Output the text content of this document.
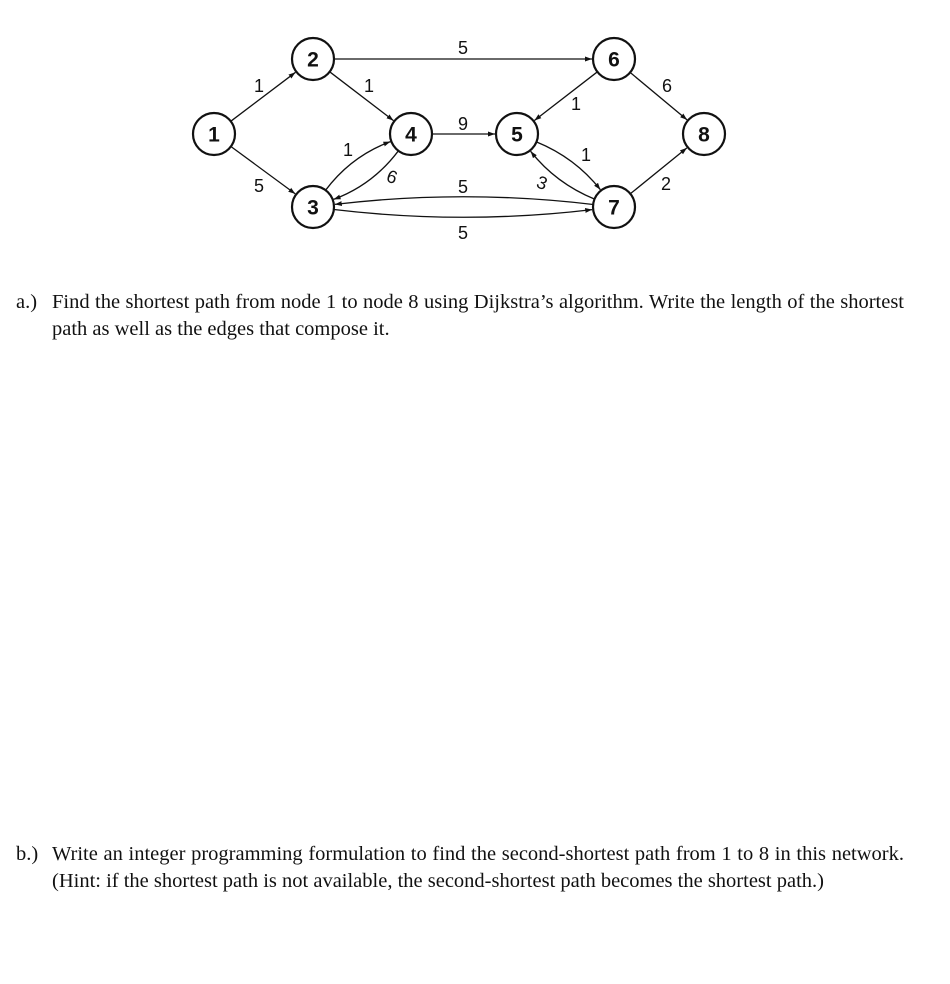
1
5
5
1
1
6
9
1
6
1
3
5
5
2
1
2
3
4	5
6
7
8
a.) Find the shortest path from node 1 to node 8 using Dijkstra’s algorithm. Write the length of the shortest path as well as the edges that compose it.
b.) Write an integer programming formulation to find the second-shortest path from 1 to 8 in this network. (Hint: if the shortest path is not available, the second-shortest path becomes the shortest path.)
